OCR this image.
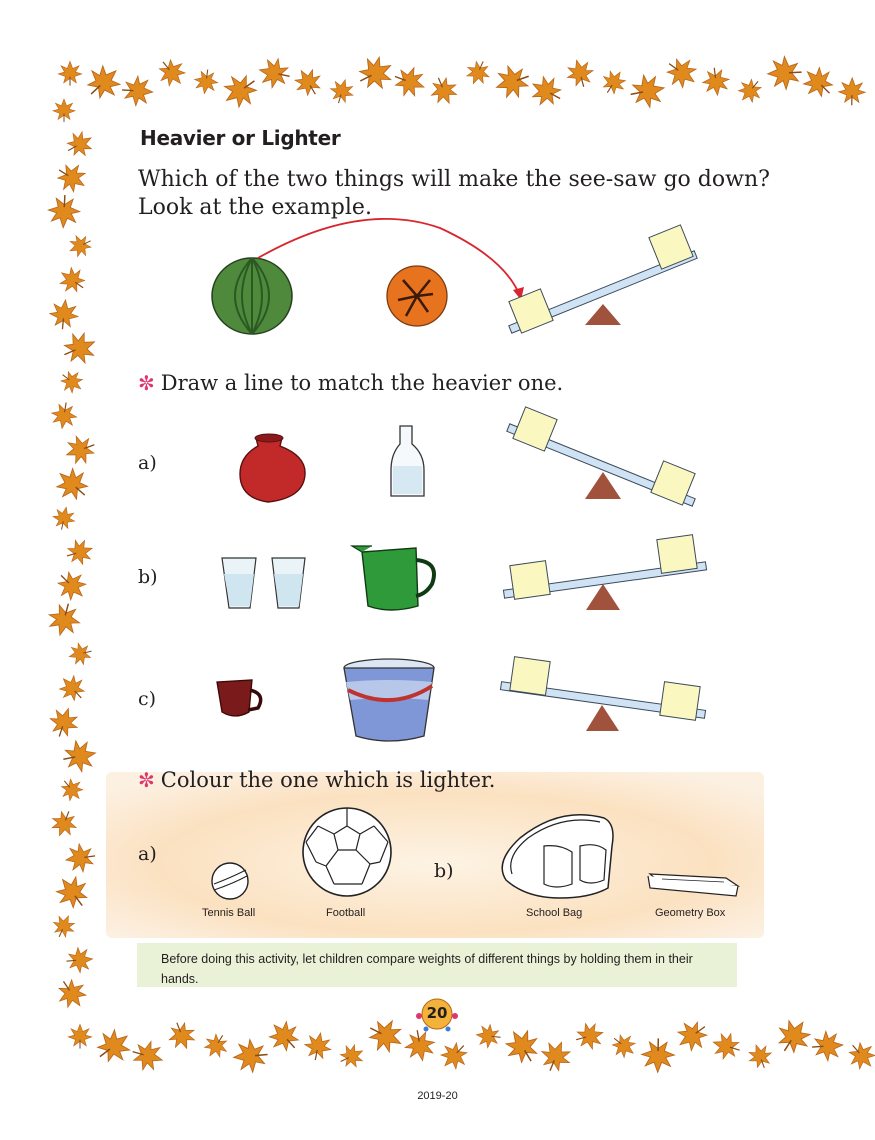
Heavier or Lighter
Which of the two things will make the see-saw go down?
Look at the example.
✼ Draw a line to match the heavier one.
a)
b)
c)
✼ Colour the one which is lighter.
a)
b)
Tennis Ball	Football	School Bag	Geometry Box
Before doing this activity, let children compare weights of different things by holding them in their hands.
20
2019-20
